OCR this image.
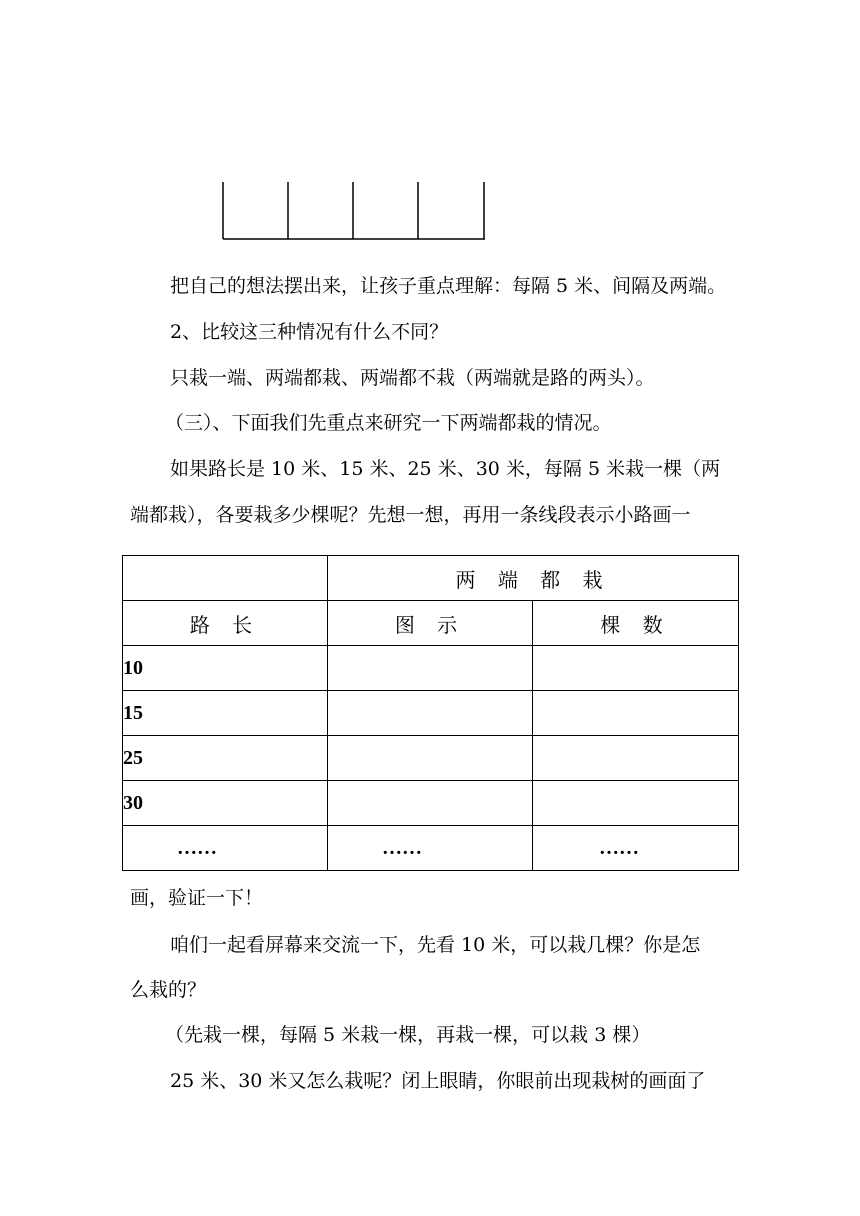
把自己的想法摆出来，让孩子重点理解：每隔 5 米、间隔及两端。

2、比较这三种情况有什么不同？

只栽一端、两端都栽、两端都不栽（两端就是路的两头）。

（三）、下面我们先重点来研究一下两端都栽的情况。

如果路长是 10 米、15 米、25 米、30 米，每隔 5 米栽一棵（两

端都栽），各要栽多少棵呢？先想一想，再用一条线段表示小路画一

	两 端 都 栽	
路 长	图 示	棵 数
10		
15		
25		
30		
……	……	……

画，验证一下！

咱们一起看屏幕来交流一下，先看 10 米，可以栽几棵？你是怎

么栽的？

（先栽一棵，每隔 5 米栽一棵，再栽一棵，可以栽 3 棵）

25 米、30 米又怎么栽呢？闭上眼睛，你眼前出现栽树的画面了
